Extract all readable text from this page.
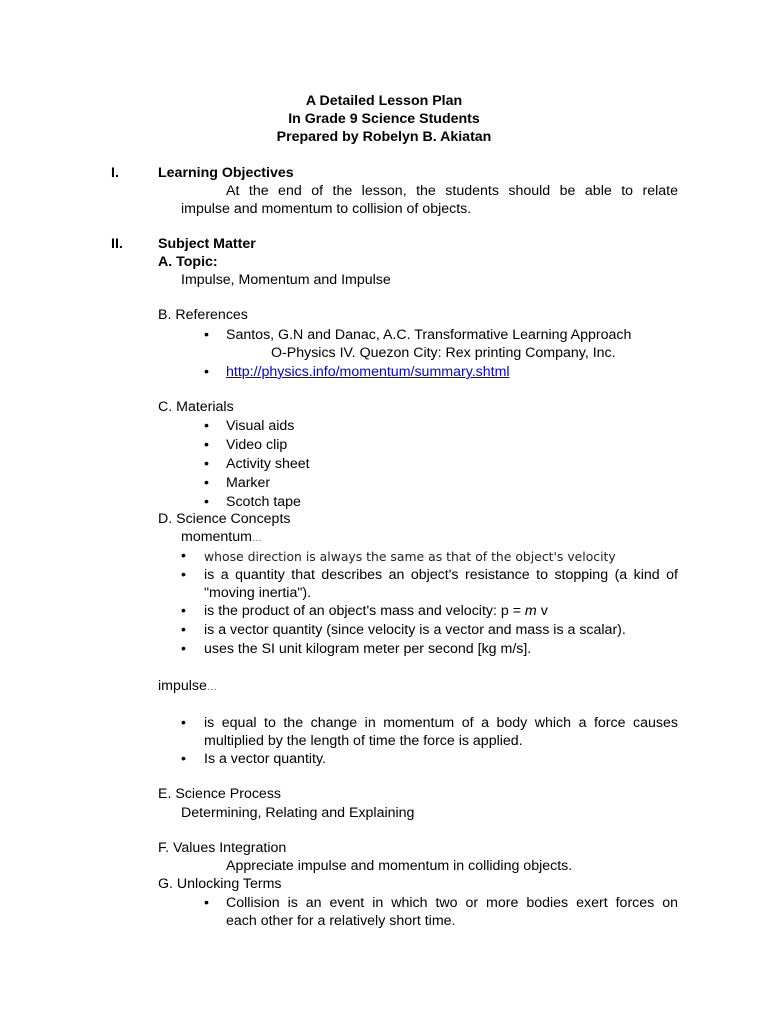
A Detailed Lesson Plan
In Grade 9 Science Students
Prepared by Robelyn B. Akiatan
I.	Learning Objectives
At the end of the lesson, the students should be able to relate
impulse and momentum to collision of objects.
II. Subject Matter
A. Topic:
Impulse, Momentum and Impulse
B. References
• Santos, G.N and Danac, A.C. Transformative Learning Approach
O-Physics IV. Quezon City: Rex printing Company, Inc.
• http://physics.info/momentum/summary.shtml
C. Materials
• Visual aids
• Video clip
• Activity sheet
• Marker
• Scotch tape
D. Science Concepts
momentum…
• whose direction is always the same as that of the object's velocity
• is a quantity that describes an object's resistance to stopping (a kind of
"moving inertia").
• is the product of an object's mass and velocity: p = m v
• is a vector quantity (since velocity is a vector and mass is a scalar).
• uses the SI unit kilogram meter per second [kg m/s].
impulse…
• is equal to the change in momentum of a body which a force causes
multiplied by the length of time the force is applied.
• Is a vector quantity.
E. Science Process
Determining, Relating and Explaining
F. Values Integration
Appreciate impulse and momentum in colliding objects.
G. Unlocking Terms
• Collision is an event in which two or more bodies exert forces on
each other for a relatively short time.
